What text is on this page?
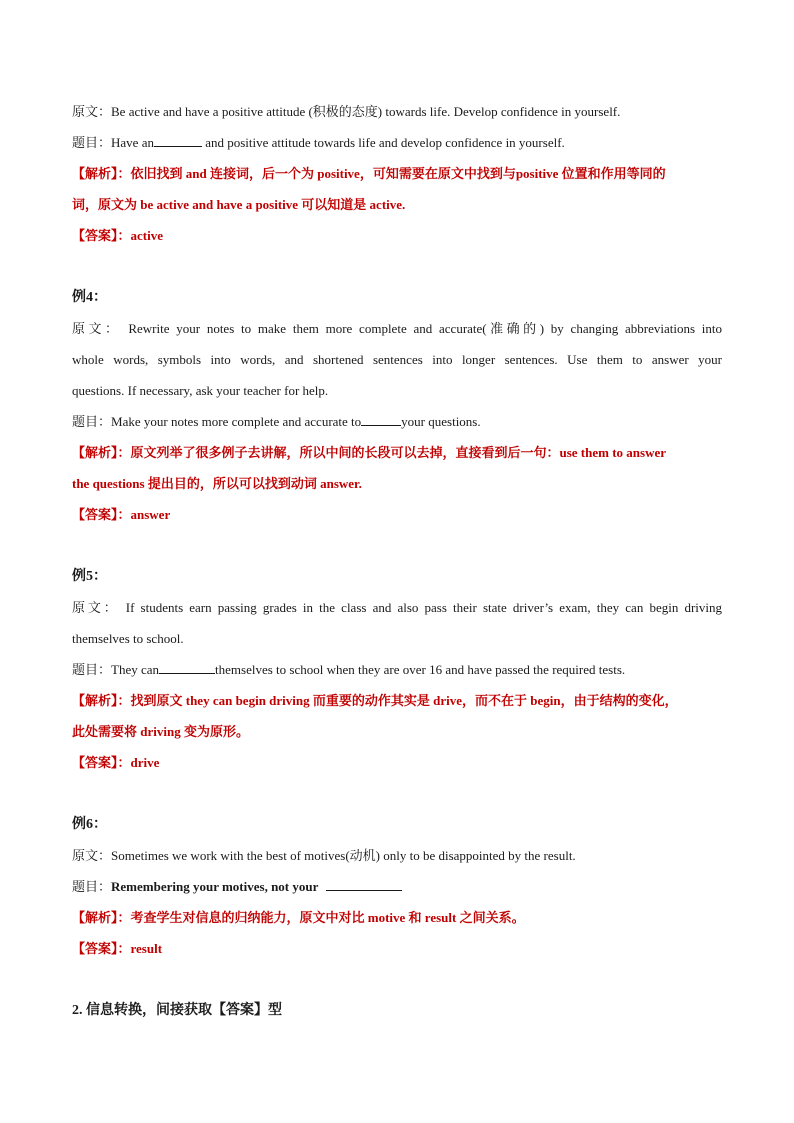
原文：Be active and have a positive attitude (积极的态度) towards life. Develop confidence in yourself.
题目：Have an	and positive attitude towards life and develop confidence in yourself.
【解析】：依旧找到 and 连接词，后一个为 positive，可知需要在原文中找到与positive 位置和作用等同的
词，原文为 be active and have a positive 可以知道是 active.
【答案】：active
例4：
原文： Rewrite your notes to make them more complete and accurate(准确的) by changing abbreviations into
whole words, symbols into words, and shortened sentences into longer sentences. Use them to answer your
questions. If necessary, ask your teacher for help.
题目：Make your notes more complete and accurate to	your questions.
【解析】：原文列举了很多例子去讲解，所以中间的长段可以去掉，直接看到后一句：use them to answer
the questions 提出目的，所以可以找到动词 answer.
【答案】：answer
例5：
原文： If students earn passing grades in the class and also pass their state driver’s exam, they can begin driving
themselves to school.
题目：They can	themselves to school when they are over 16 and have passed the required tests.
【解析】：找到原文 they can begin driving 而重要的动作其实是 drive，而不在于 begin，由于结构的变化，
此处需要将 driving 变为原形。
【答案】：drive
例6：
原文：Sometimes we work with the best of motives(动机) only to be disappointed by the result.
题目：Remembering your motives, not your
【解析】：考查学生对信息的归纳能力，原文中对比 motive 和 result 之间关系。
【答案】：result
2. 信息转换，间接获取【答案】型
